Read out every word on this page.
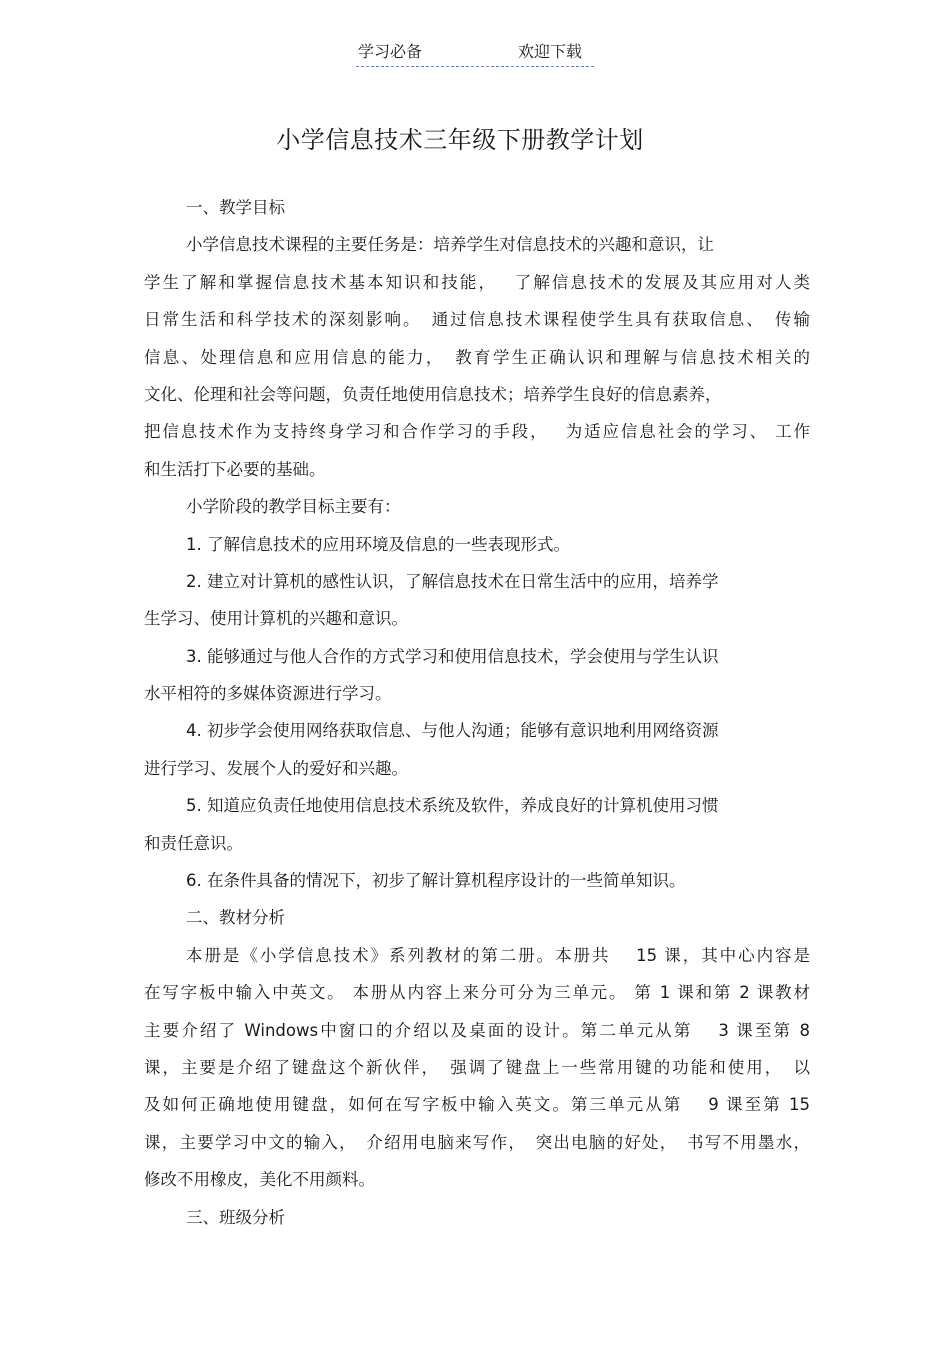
学习必备	欢迎下载
小学信息技术三年级下册教学计划
一、教学目标
小学信息技术课程的主要任务是：培养学生对信息技术的兴趣和意识，让
学生了解和掌握信息技术基本知识和技能，　 了解信息技术的发展及其应用对人类
日常生活和科学技术的深刻影响。　通过信息技术课程使学生具有获取信息、　传输
信息、处理信息和应用信息的能力，　教育学生正确认识和理解与信息技术相关的
文化、伦理和社会等问题，负责任地使用信息技术；培养学生良好的信息素养，
把信息技术作为支持终身学习和合作学习的手段，　 为适应信息社会的学习、 工作
和生活打下必要的基础。
小学阶段的教学目标主要有：
1. 了解信息技术的应用环境及信息的一些表现形式。
2. 建立对计算机的感性认识，了解信息技术在日常生活中的应用，培养学
生学习、使用计算机的兴趣和意识。
3. 能够通过与他人合作的方式学习和使用信息技术，学会使用与学生认识
水平相符的多媒体资源进行学习。
4. 初步学会使用网络获取信息、与他人沟通；能够有意识地利用网络资源
进行学习、发展个人的爱好和兴趣。
5. 知道应负责任地使用信息技术系统及软件，养成良好的计算机使用习惯
和责任意识。
6. 在条件具备的情况下，初步了解计算机程序设计的一些简单知识。
二、教材分析
本册是《小学信息技术》系列教材的第二册。本册共　 15 课，其中心内容是
在写字板中输入中英文。 本册从内容上来分可分为三单元。 第 1 课和第 2 课教材
主要介绍了 Windows中窗口的介绍以及桌面的设计。第二单元从第　 3 课至第 8
课，主要是介绍了键盘这个新伙伴，　强调了键盘上一些常用键的功能和使用，　以
及如何正确地使用键盘，如何在写字板中输入英文。第三单元从第　 9 课至第 15
课，主要学习中文的输入，　介绍用电脑来写作，　突出电脑的好处，　书写不用墨水，
修改不用橡皮，美化不用颜料。
三、班级分析
